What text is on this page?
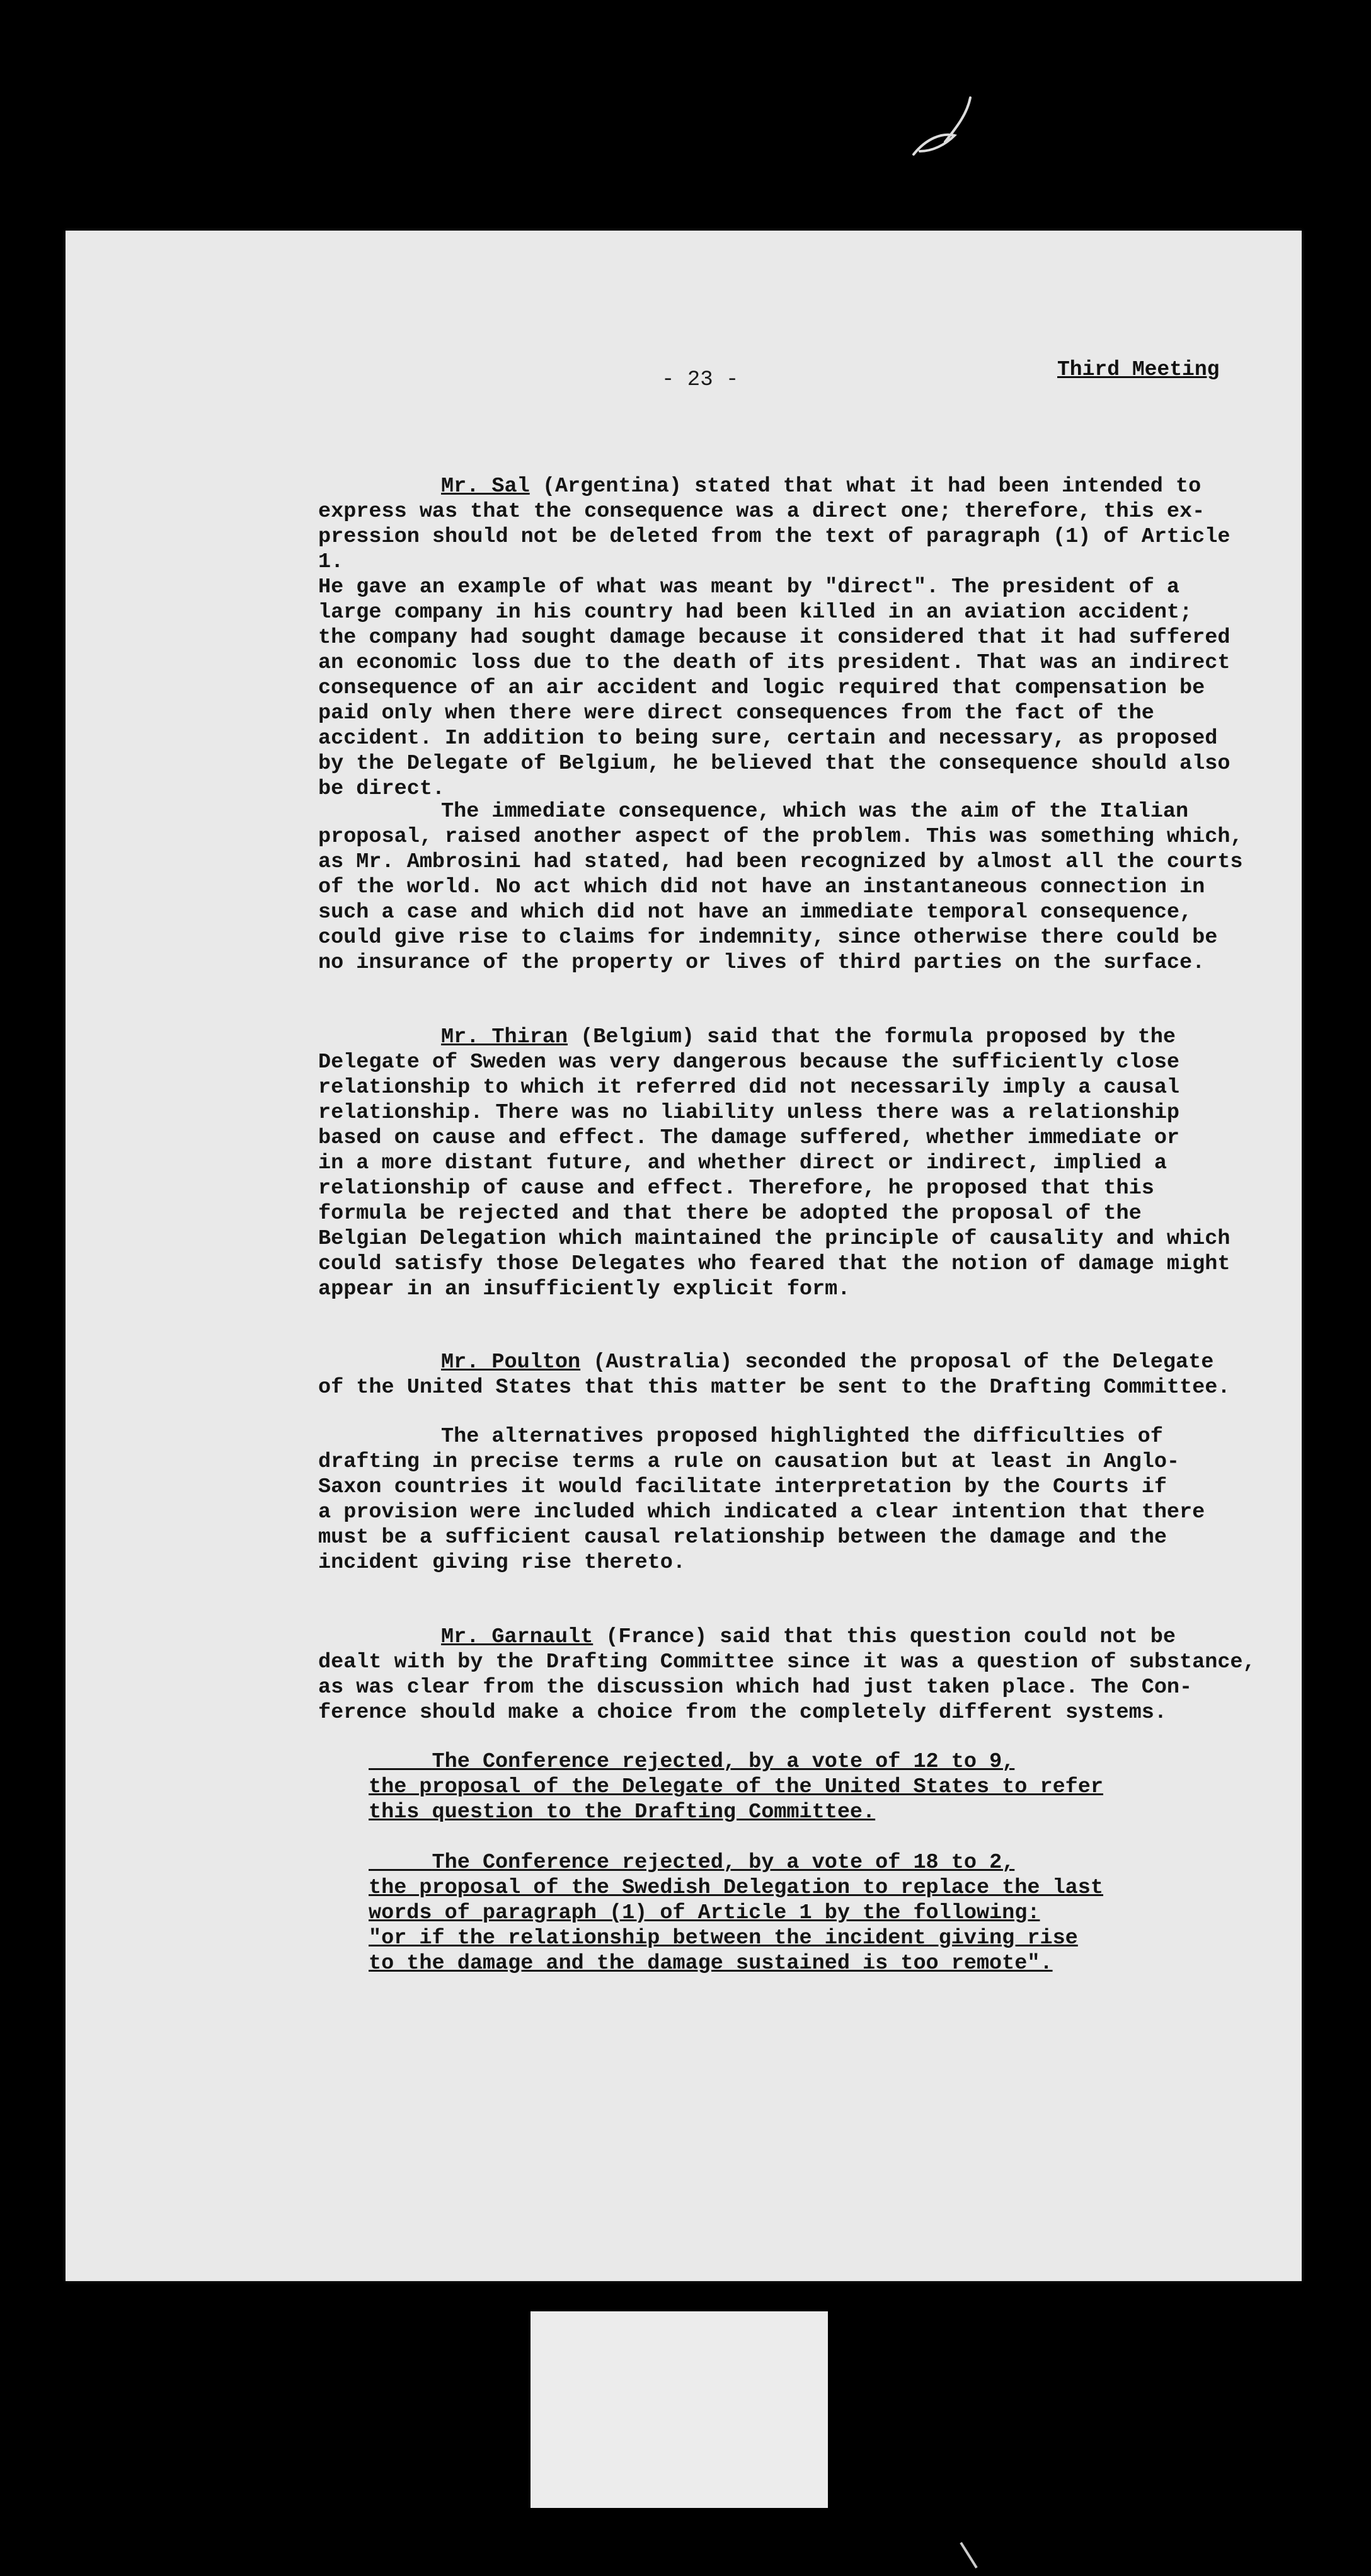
- 23 -	Third Meeting
Mr. Sal (Argentina) stated that what it had been intended to
express was that the consequence was a direct one; therefore, this ex-
pression should not be deleted from the text of paragraph (1) of Article 1.
He gave an example of what was meant by "direct". The president of a
large company in his country had been killed in an aviation accident;
the company had sought damage because it considered that it had suffered
an economic loss due to the death of its president. That was an indirect
consequence of an air accident and logic required that compensation be
paid only when there were direct consequences from the fact of the
accident. In addition to being sure, certain and necessary, as proposed
by the Delegate of Belgium, he believed that the consequence should also
be direct.
The immediate consequence, which was the aim of the Italian
proposal, raised another aspect of the problem. This was something which,
as Mr. Ambrosini had stated, had been recognized by almost all the courts
of the world. No act which did not have an instantaneous connection in
such a case and which did not have an immediate temporal consequence,
could give rise to claims for indemnity, since otherwise there could be
no insurance of the property or lives of third parties on the surface.
Mr. Thiran (Belgium) said that the formula proposed by the
Delegate of Sweden was very dangerous because the sufficiently close
relationship to which it referred did not necessarily imply a causal
relationship. There was no liability unless there was a relationship
based on cause and effect. The damage suffered, whether immediate or
in a more distant future, and whether direct or indirect, implied a
relationship of cause and effect. Therefore, he proposed that this
formula be rejected and that there be adopted the proposal of the
Belgian Delegation which maintained the principle of causality and which
could satisfy those Delegates who feared that the notion of damage might
appear in an insufficiently explicit form.
Mr. Poulton (Australia) seconded the proposal of the Delegate
of the United States that this matter be sent to the Drafting Committee.
The alternatives proposed highlighted the difficulties of
drafting in precise terms a rule on causation but at least in Anglo-
Saxon countries it would facilitate interpretation by the Courts if
a provision were included which indicated a clear intention that there
must be a sufficient causal relationship between the damage and the
incident giving rise thereto.
Mr. Garnault (France) said that this question could not be
dealt with by the Drafting Committee since it was a question of substance,
as was clear from the discussion which had just taken place. The Con-
ference should make a choice from the completely different systems.
The Conference rejected, by a vote of 12 to 9,
the proposal of the Delegate of the United States to refer
this question to the Drafting Committee.
The Conference rejected, by a vote of 18 to 2,
the proposal of the Swedish Delegation to replace the last
words of paragraph (1) of Article 1 by the following:
"or if the relationship between the incident giving rise
to the damage and the damage sustained is too remote".
